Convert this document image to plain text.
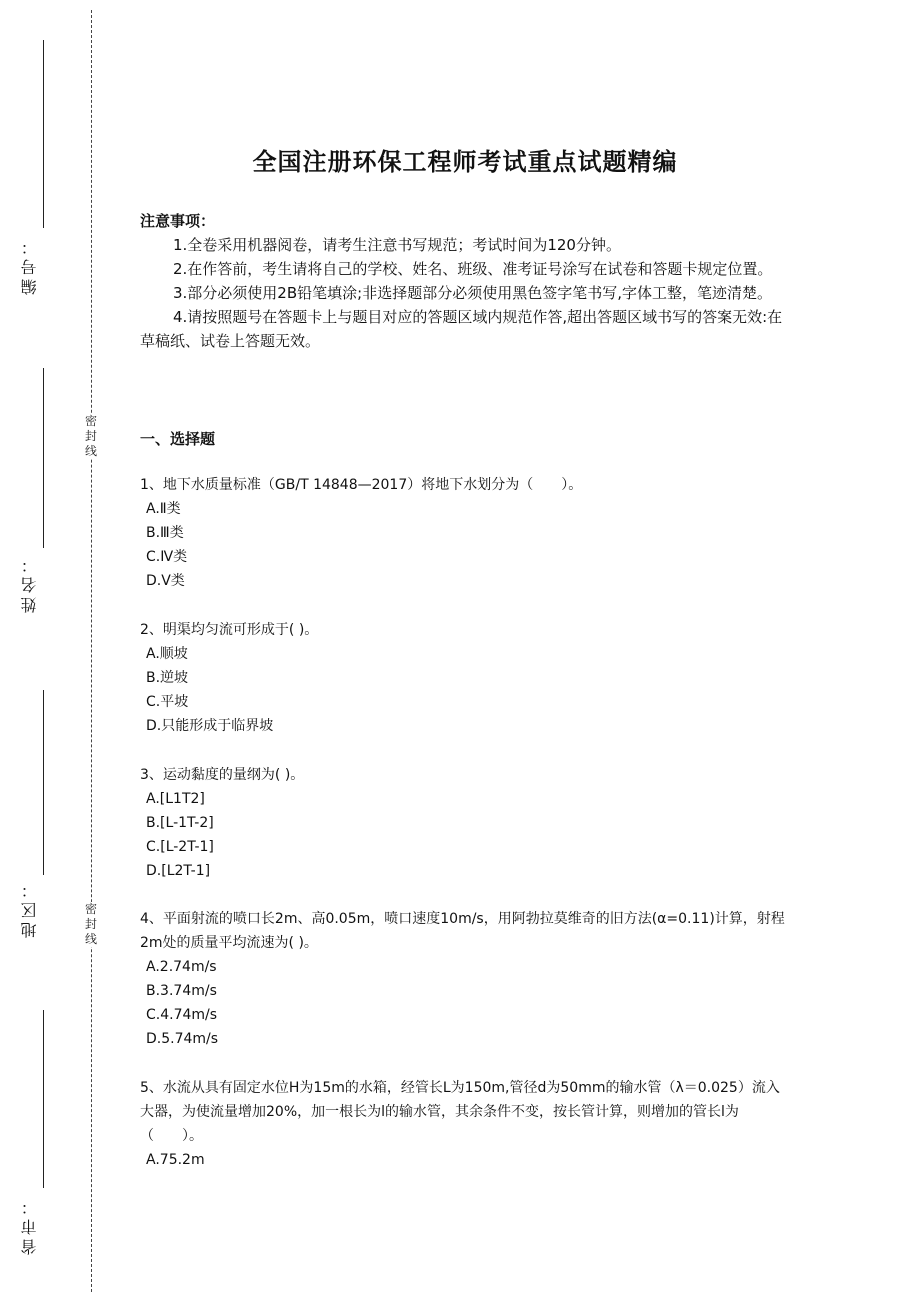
编号：
姓名：
地区：
省市：
密封线
密封线
全国注册环保工程师考试重点试题精编
注意事项：

1.全卷采用机器阅卷，请考生注意书写规范；考试时间为120分钟。

2.在作答前，考生请将自己的学校、姓名、班级、准考证号涂写在试卷和答题卡规定位置。

3.部分必须使用2B铅笔填涂;非选择题部分必须使用黑色签字笔书写,字体工整，笔迹清楚。

4.请按照题号在答题卡上与题目对应的答题区域内规范作答,超出答题区域书写的答案无效:在草稿纸、试卷上答题无效。

一、选择题
1、地下水质量标准（GB/T 14848—2017）将地下水划分为（　　）。
A.Ⅱ类
B.Ⅲ类
C.Ⅳ类
D.Ⅴ类
2、明渠均匀流可形成于( )。
A.顺坡
B.逆坡
C.平坡
D.只能形成于临界坡
3、运动黏度的量纲为( )。
A.[L1T2]
B.[L-1T-2]
C.[L-2T-1]
D.[L2T-1]
4、平面射流的喷口长2m、高0.05m，喷口速度10m/s，用阿勃拉莫维奇的旧方法(α=0.11)计算，射程2m处的质量平均流速为( )。
A.2.74m/s
B.3.74m/s
C.4.74m/s
D.5.74m/s
5、水流从具有固定水位H为15m的水箱，经管长L为150m,管径d为50mm的输水管（λ＝0.025）流入大器，为使流量增加20%，加一根长为l的输水管，其余条件不变，按长管计算，则增加的管长l为（　　）。
A.75.2m
